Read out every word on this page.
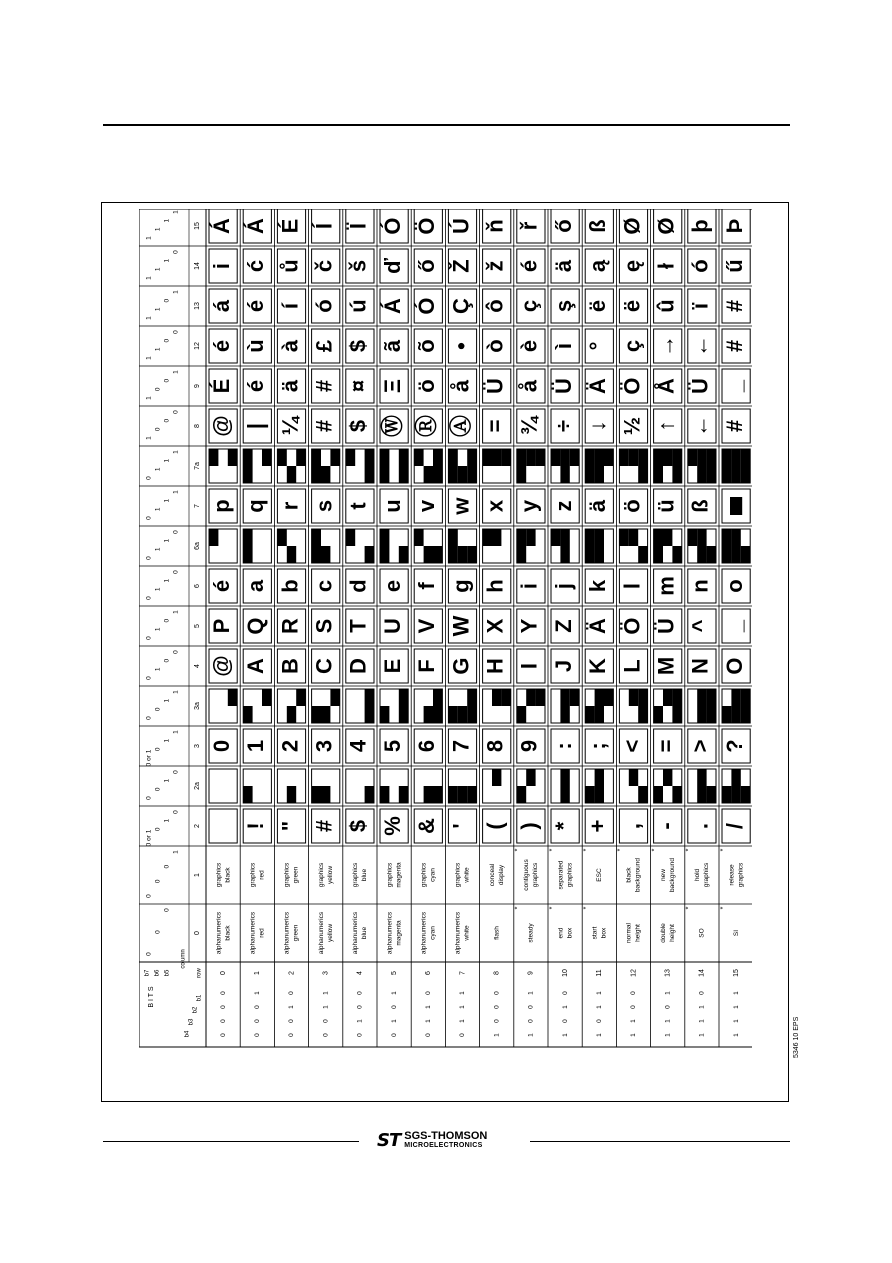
0
0
0
0
1
0
0
0
1
2
0 or 1
0
1
0
2a
0
0
1
0
3
0 or 1
0
1
1
3a
0
0
1
1
4
0
1
0
0
5
0
1
0
1
6
0
1
1
0
6a
0
1
1
0
7
0
1
1
1
7a
0
1
1
1
8
1
0
0
0
9
1
0
0
1
12
1
1
0
0
13
1
1
0
1
14
1
1
1
0
15
1
1
1
1
0
0
0
0
0
0
0
0
1
1
0
0
1
0
2
0
0
1
1
3
0
1
0
0
4
0
1
0
1
5
0
1
1
0
6
0
1
1
1
7
1
0
0
0
8
1
0
0
1
9
1
0
1
0
10
1
0
1
1
11
1
1
0
0
12
1
1
0
1
13
1
1
1
0
14
1
1
1
1
15
B I T S
b4
b3
b2
b1
b7 b6 b5	row
column
alphanumerics black
graphics black
alphanumerics red
graphics red
alphanumerics green
graphics green
alphanumerics yellow
graphics yellow
alphanumerics blue
graphics blue
alphanumerics magenta
graphics magenta
alphanumerics cyan
graphics cyan
alphanumerics white
graphics white
flash
conceal display
steady
contiguous graphics
*
*
end box
separated graphics
*
*
start box
ESC
*
*
normal height
black background
*
double height
new background
*
SO
hold graphics
*
*
SI
release graphics
*
*
! " # $ % & ' ( ) * + , - . /
0 1 2 3 4 5 6 7 8 9 : ; < = > ?
@ A B C D E F G H I J K L M N O
P Q R S T U V W X Y Z Ä Ö Ü ^ _
é a b c d e f g h i j k l m n o
p q r s t u v w x y z ä ö ü ß
@ | ¼ # $ Ⓦ Ⓡ Ⓐ = ¾ ÷ ↓ ½ ↑ ← #
É é ä # ¤ Ξ ö å Ü å Ü Ä Ö Å Ü _
é ù à £ $ ã õ • ò è ì ° ç → ← #
á é í ó ú Á Ó Ç ô ç ş ë ë û ï #
i ć ů č š ď ő Ž ž é ä ą ę ł ó ű
Á Á É Í Ï Ó Ö Ú ň ř ő ß Ø Ø þ Þ
5346 10 EPS
ST SGS-THOMSON
MICROELECTRONICS
